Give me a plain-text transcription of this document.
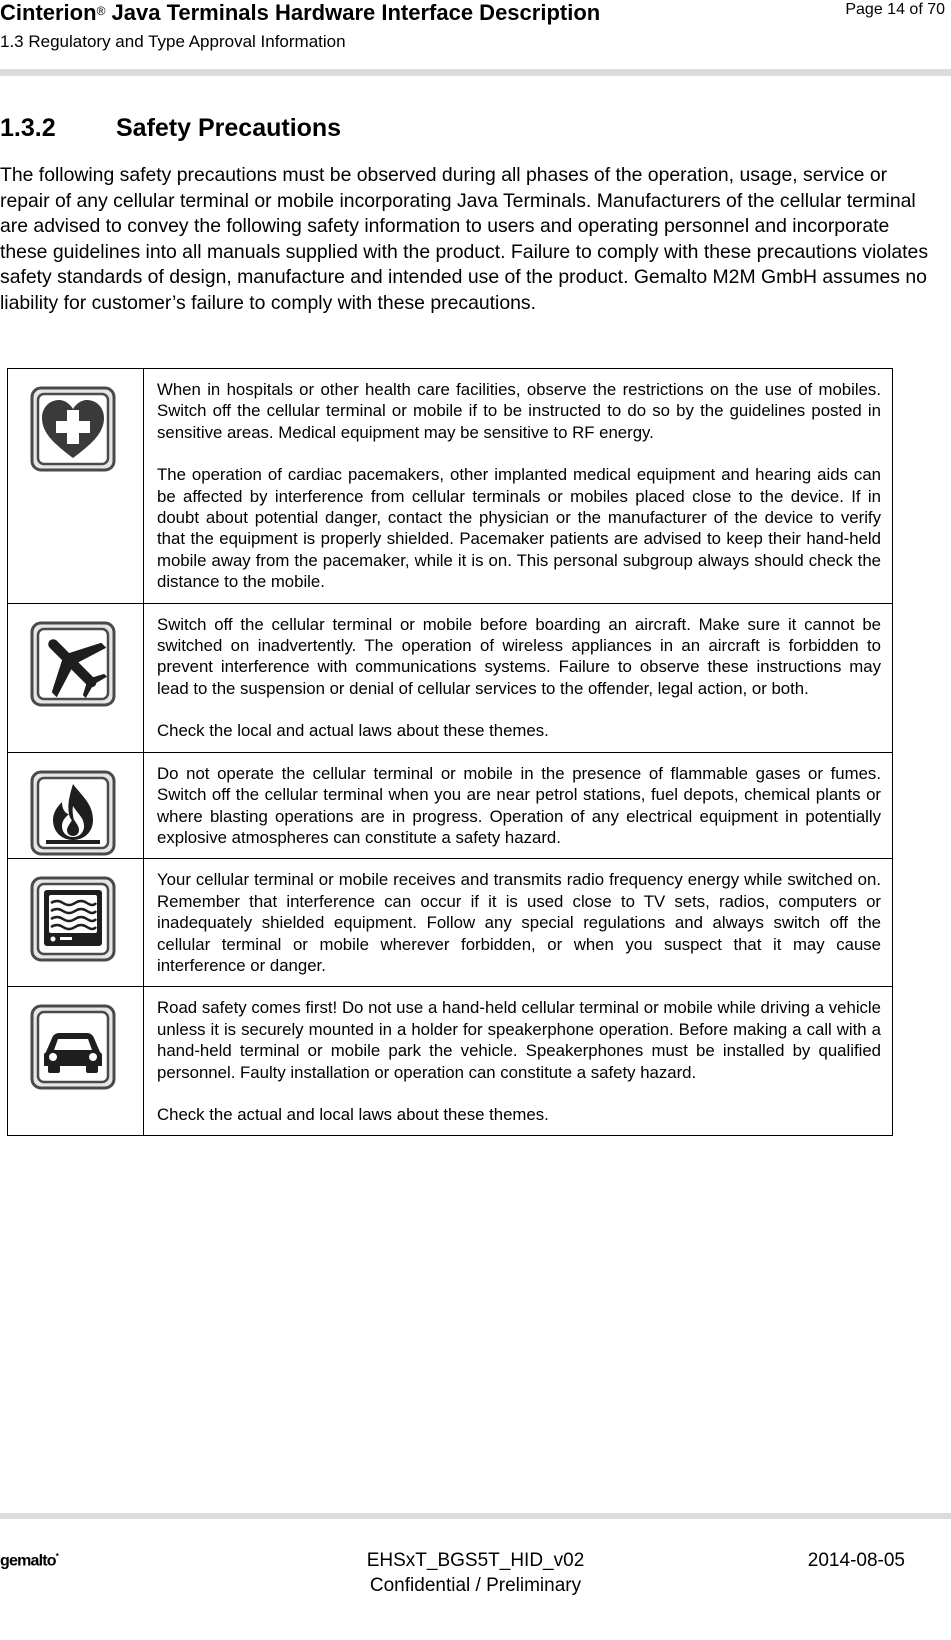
Cinterion® Java Terminals Hardware Interface Description
1.3 Regulatory and Type Approval Information
Page 14 of 70
1.3.2 Safety Precautions
The following safety precautions must be observed during all phases of the operation, usage, service or repair of any cellular terminal or mobile incorporating Java Terminals. Manufacturers of the cellular terminal are advised to convey the following safety information to users and operating personnel and incorporate these guidelines into all manuals supplied with the product. Failure to comply with these precautions violates safety standards of design, manufacture and intended use of the product. Gemalto M2M GmbH assumes no liability for customer’s failure to comply with these precautions.

When in hospitals or other health care facilities, observe the restrictions on the use of mobiles. Switch off the cellular terminal or mobile if to be instructed to do so by the guidelines posted in sensitive areas. Medical equipment may be sensitive to RF energy.

The operation of cardiac pacemakers, other implanted medical equipment and hearing aids can be affected by interference from cellular terminals or mobiles placed close to the device. If in doubt about potential danger, contact the physician or the manufacturer of the device to verify that the equipment is properly shielded. Pacemaker patients are advised to keep their hand-held mobile away from the pacemaker, while it is on. This personal subgroup always should check the distance to the mobile.

Switch off the cellular terminal or mobile before boarding an aircraft. Make sure it cannot be switched on inadvertently. The operation of wireless appliances in an aircraft is forbidden to prevent interference with communications systems. Failure to observe these instructions may lead to the suspension or denial of cellular services to the offender, legal action, or both.

Check the local and actual laws about these themes.

Do not operate the cellular terminal or mobile in the presence of flammable gases or fumes. Switch off the cellular terminal when you are near petrol stations, fuel depots, chemical plants or where blasting operations are in progress. Operation of any electrical equipment in potentially explosive atmospheres can constitute a safety hazard.

Your cellular terminal or mobile receives and transmits radio frequency energy while switched on. Remember that interference can occur if it is used close to TV sets, radios, computers or inadequately shielded equipment. Follow any special regulations and always switch off the cellular terminal or mobile wherever forbidden, or when you suspect that it may cause interference or danger.

Road safety comes first! Do not use a hand-held cellular terminal or mobile while driving a vehicle unless it is securely mounted in a holder for speakerphone operation. Before making a call with a hand-held terminal or mobile park the vehicle. Speakerphones must be installed by qualified personnel. Faulty installation or operation can constitute a safety hazard.

Check the actual and local laws about these themes.

gemalto*	EHSxT_BGS5T_HID_v02
Confidential / Preliminary
2014-08-05
